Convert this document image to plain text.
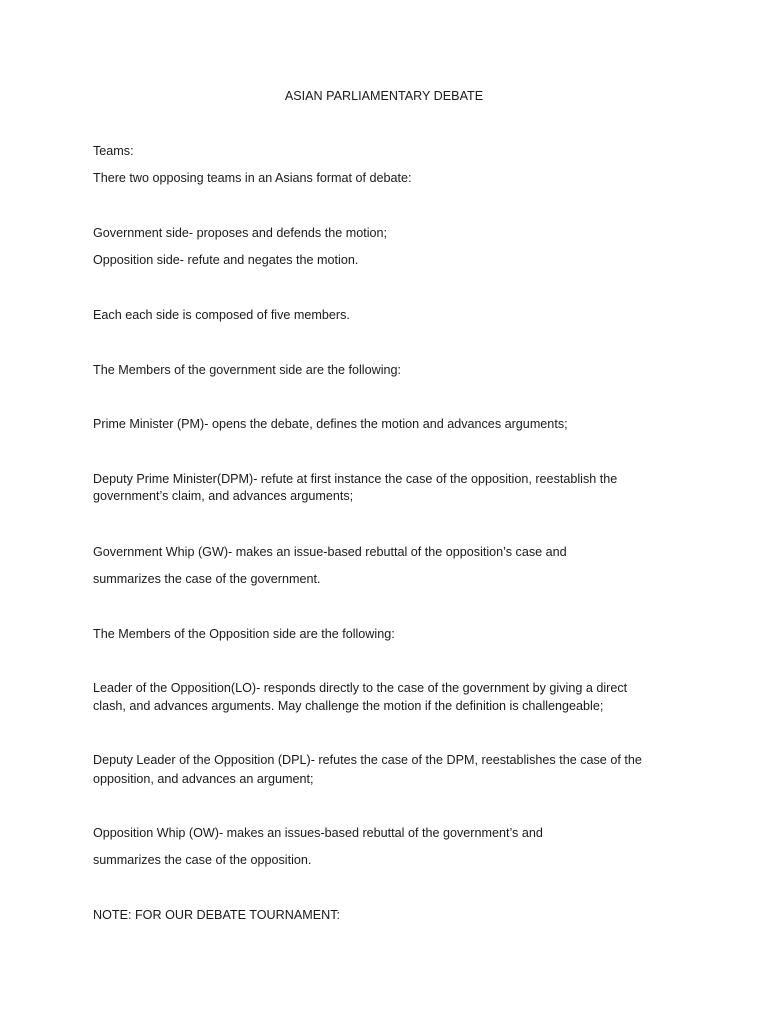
ASIAN PARLIAMENTARY DEBATE

Teams:

There two opposing teams in an Asians format of debate:

Government side- proposes and defends the motion;

Opposition side- refute and negates the motion.

Each each side is composed of five members.

The Members of the government side are the following:

Prime Minister (PM)- opens the debate, defines the motion and advances arguments;

Deputy Prime Minister(DPM)- refute at first instance the case of the opposition, reestablish the

government’s claim, and advances arguments;

Government Whip (GW)- makes an issue-based rebuttal of the opposition’s case and

summarizes the case of the government.

The Members of the Opposition side are the following:

Leader of the Opposition(LO)- responds directly to the case of the government by giving a direct

clash, and advances arguments. May challenge the motion if the definition is challengeable;

Deputy Leader of the Opposition (DPL)- refutes the case of the DPM, reestablishes the case of the

opposition, and advances an argument;

Opposition Whip (OW)- makes an issues-based rebuttal of the government’s and

summarizes the case of the opposition.

NOTE: FOR OUR DEBATE TOURNAMENT:
